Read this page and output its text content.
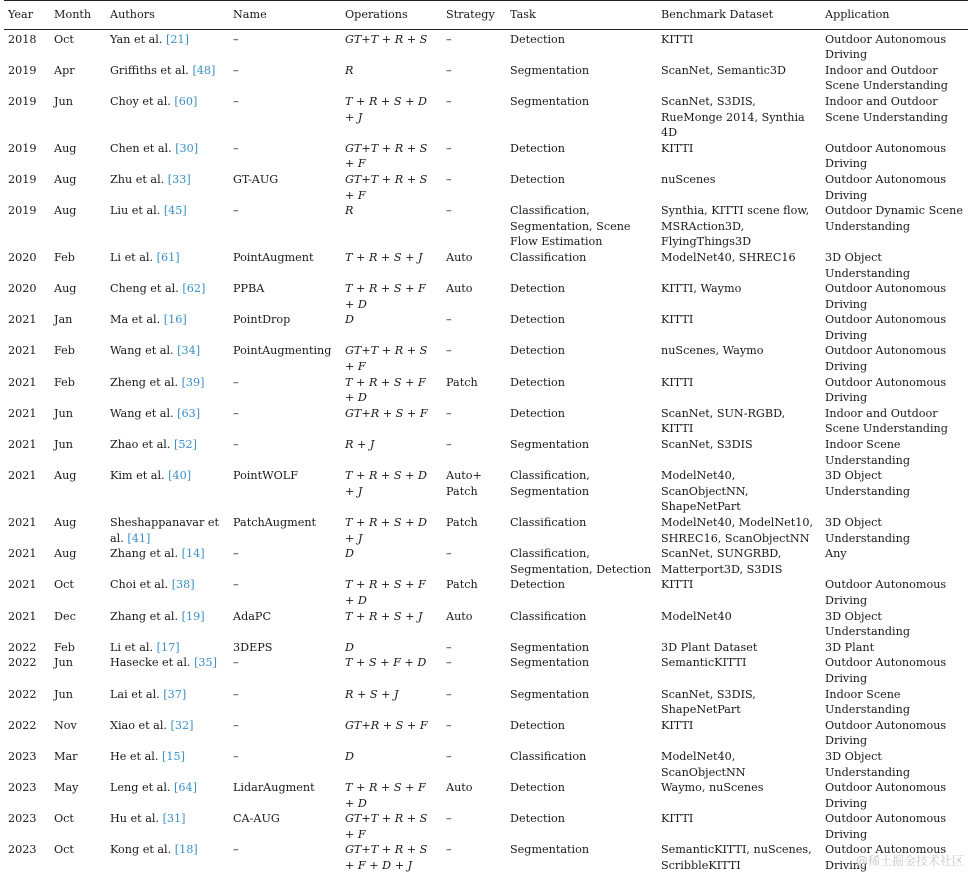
Year	Month	Authors	Name	Operations	Strategy	Task	Benchmark Dataset	Application
2018	Oct	Yan et al. [21]	–	GT+T + R + S	–	Detection	KITTI	Outdoor Autonomous Driving
2019	Apr	Griffiths et al. [48]	–	R	–	Segmentation	ScanNet, Semantic3D	Indoor and Outdoor Scene Understanding
2019	Jun	Choy et al. [60]	–	T + R + S + D + J	–	Segmentation	ScanNet, S3DIS, RueMonge 2014, Synthia 4D	Indoor and Outdoor Scene Understanding
2019	Aug	Chen et al. [30]	–	GT+T + R + S + F	–	Detection	KITTI	Outdoor Autonomous Driving
2019	Aug	Zhu et al. [33]	GT-AUG	GT+T + R + S + F	–	Detection	nuScenes	Outdoor Autonomous Driving
2019	Aug	Liu et al. [45]	–	R	–	Classification, Segmentation, Scene Flow Estimation	Synthia, KITTI scene flow, MSRAction3D, FlyingThings3D	Outdoor Dynamic Scene Understanding
2020	Feb	Li et al. [61]	PointAugment	T + R + S + J	Auto	Classification	ModelNet40, SHREC16	3D Object Understanding
2020	Aug	Cheng et al. [62]	PPBA	T + R + S + F + D	Auto	Detection	KITTI, Waymo	Outdoor Autonomous Driving
2021	Jan	Ma et al. [16]	PointDrop	D	–	Detection	KITTI	Outdoor Autonomous Driving
2021	Feb	Wang et al. [34]	PointAugmenting	GT+T + R + S + F	–	Detection	nuScenes, Waymo	Outdoor Autonomous Driving
2021	Feb	Zheng et al. [39]	–	T + R + S + F + D	Patch	Detection	KITTI	Outdoor Autonomous Driving
2021	Jun	Wang et al. [63]	–	GT+R + S + F	–	Detection	ScanNet, SUN-RGBD, KITTI	Indoor and Outdoor Scene Understanding
2021	Jun	Zhao et al. [52]	–	R + J	–	Segmentation	ScanNet, S3DIS	Indoor Scene Understanding
2021	Aug	Kim et al. [40]	PointWOLF	T + R + S + D + J	Auto+ Patch	Classification, Segmentation	ModelNet40, ScanObjectNN, ShapeNetPart	3D Object Understanding
2021	Aug	Sheshappanavar et al. [41]	PatchAugment	T + R + S + D + J	Patch	Classification	ModelNet40, ModelNet10, SHREC16, ScanObjectNN	3D Object Understanding
2021	Aug	Zhang et al. [14]	–	D	–	Classification, Segmentation, Detection	ScanNet, SUNGRBD, Matterport3D, S3DIS	Any
2021	Oct	Choi et al. [38]	–	T + R + S + F + D	Patch	Detection	KITTI	Outdoor Autonomous Driving
2021	Dec	Zhang et al. [19]	AdaPC	T + R + S + J	Auto	Classification	ModelNet40	3D Object Understanding
2022	Feb	Li et al. [17]	3DEPS	D	–	Segmentation	3D Plant Dataset	3D Plant
2022	Jun	Hasecke et al. [35]	–	T + S + F + D	–	Segmentation	SemanticKITTI	Outdoor Autonomous Driving
2022	Jun	Lai et al. [37]	–	R + S + J	–	Segmentation	ScanNet, S3DIS, ShapeNetPart	Indoor Scene Understanding
2022	Nov	Xiao et al. [32]	–	GT+R + S + F	–	Detection	KITTI	Outdoor Autonomous Driving
2023	Mar	He et al. [15]	–	D	–	Classification	ModelNet40, ScanObjectNN	3D Object Understanding
2023	May	Leng et al. [64]	LidarAugment	T + R + S + F + D	Auto	Detection	Waymo, nuScenes	Outdoor Autonomous Driving
2023	Oct	Hu et al. [31]	CA-AUG	GT+T + R + S + F	–	Detection	KITTI	Outdoor Autonomous Driving
2023	Oct	Kong et al. [18]	–	GT+T + R + S + F + D + J	–	Segmentation	SemanticKITTI, nuScenes, ScribbleKITTI	Outdoor Autonomous Driving
@稀土掘金技术社区
